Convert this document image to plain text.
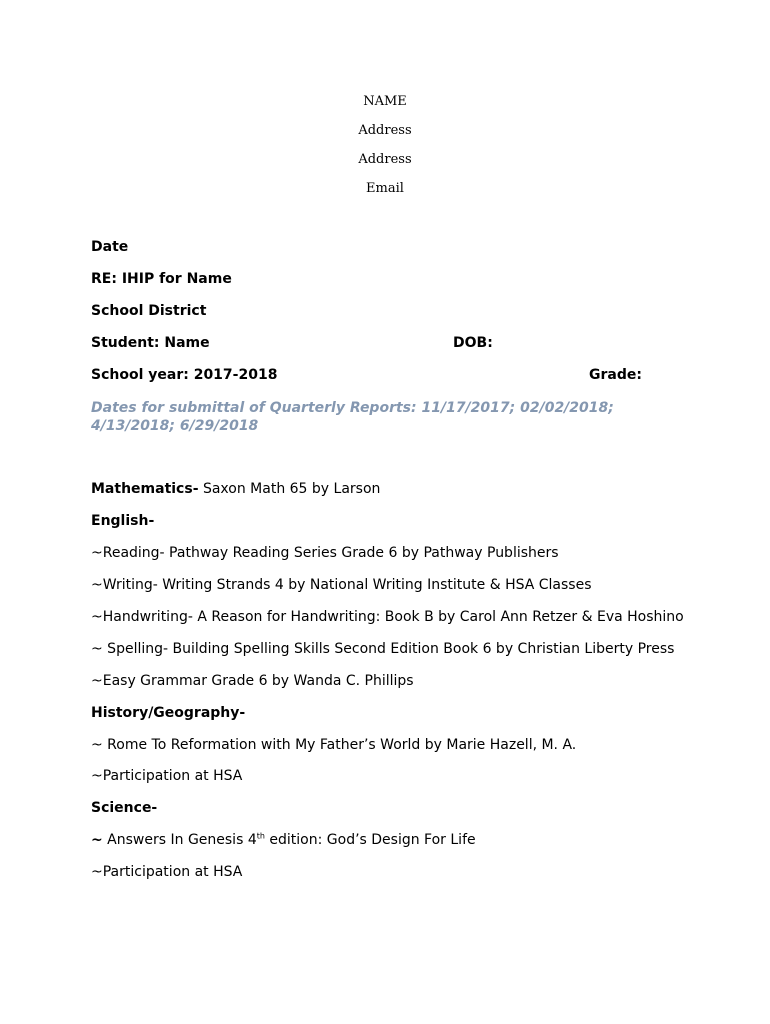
NAME
Address
Address
Email
Date
RE: IHIP for Name
School District
Student: Name	DOB:
School year: 2017-2018	Grade:
Dates for submittal of Quarterly Reports: 11/17/2017; 02/02/2018;
4/13/2018; 6/29/2018
Mathematics- Saxon Math 65 by Larson
English-
~Reading- Pathway Reading Series Grade 6 by Pathway Publishers
~Writing- Writing Strands 4 by National Writing Institute & HSA Classes
~Handwriting- A Reason for Handwriting: Book B by Carol Ann Retzer & Eva Hoshino
~ Spelling- Building Spelling Skills Second Edition Book 6 by Christian Liberty Press
~Easy Grammar Grade 6 by Wanda C. Phillips
History/Geography-
~ Rome To Reformation with My Father’s World by Marie Hazell, M. A.
~Participation at HSA
Science-
~ Answers In Genesis 4th edition: God’s Design For Life
~Participation at HSA
